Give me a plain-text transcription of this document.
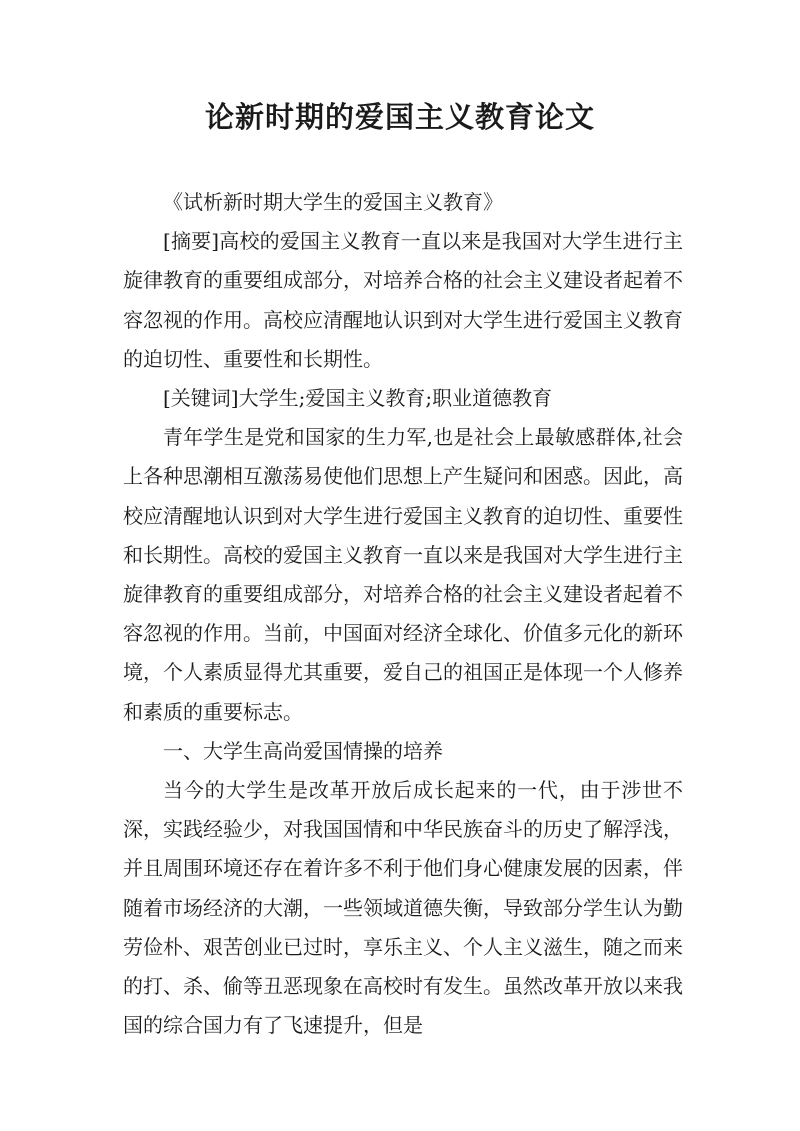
论新时期的爱国主义教育论文

《试析新时期大学生的爱国主义教育》

[摘要]高校的爱国主义教育一直以来是我国对大学生进行主旋律教育的重要组成部分，对培养合格的社会主义建设者起着不容忽视的作用。高校应清醒地认识到对大学生进行爱国主义教育的迫切性、重要性和长期性。

[关键词]大学生;爱国主义教育;职业道德教育

青年学生是党和国家的生力军,也是社会上最敏感群体,社会上各种思潮相互激荡易使他们思想上产生疑问和困惑。因此，高校应清醒地认识到对大学生进行爱国主义教育的迫切性、重要性和长期性。高校的爱国主义教育一直以来是我国对大学生进行主旋律教育的重要组成部分，对培养合格的社会主义建设者起着不容忽视的作用。当前，中国面对经济全球化、价值多元化的新环境，个人素质显得尤其重要，爱自己的祖国正是体现一个人修养和素质的重要标志。

一、大学生高尚爱国情操的培养

当今的大学生是改革开放后成长起来的一代，由于涉世不深，实践经验少，对我国国情和中华民族奋斗的历史了解浮浅，并且周围环境还存在着许多不利于他们身心健康发展的因素，伴随着市场经济的大潮，一些领域道德失衡，导致部分学生认为勤劳俭朴、艰苦创业已过时，享乐主义、个人主义滋生，随之而来的打、杀、偷等丑恶现象在高校时有发生。虽然改革开放以来我国的综合国力有了飞速提升，但是
